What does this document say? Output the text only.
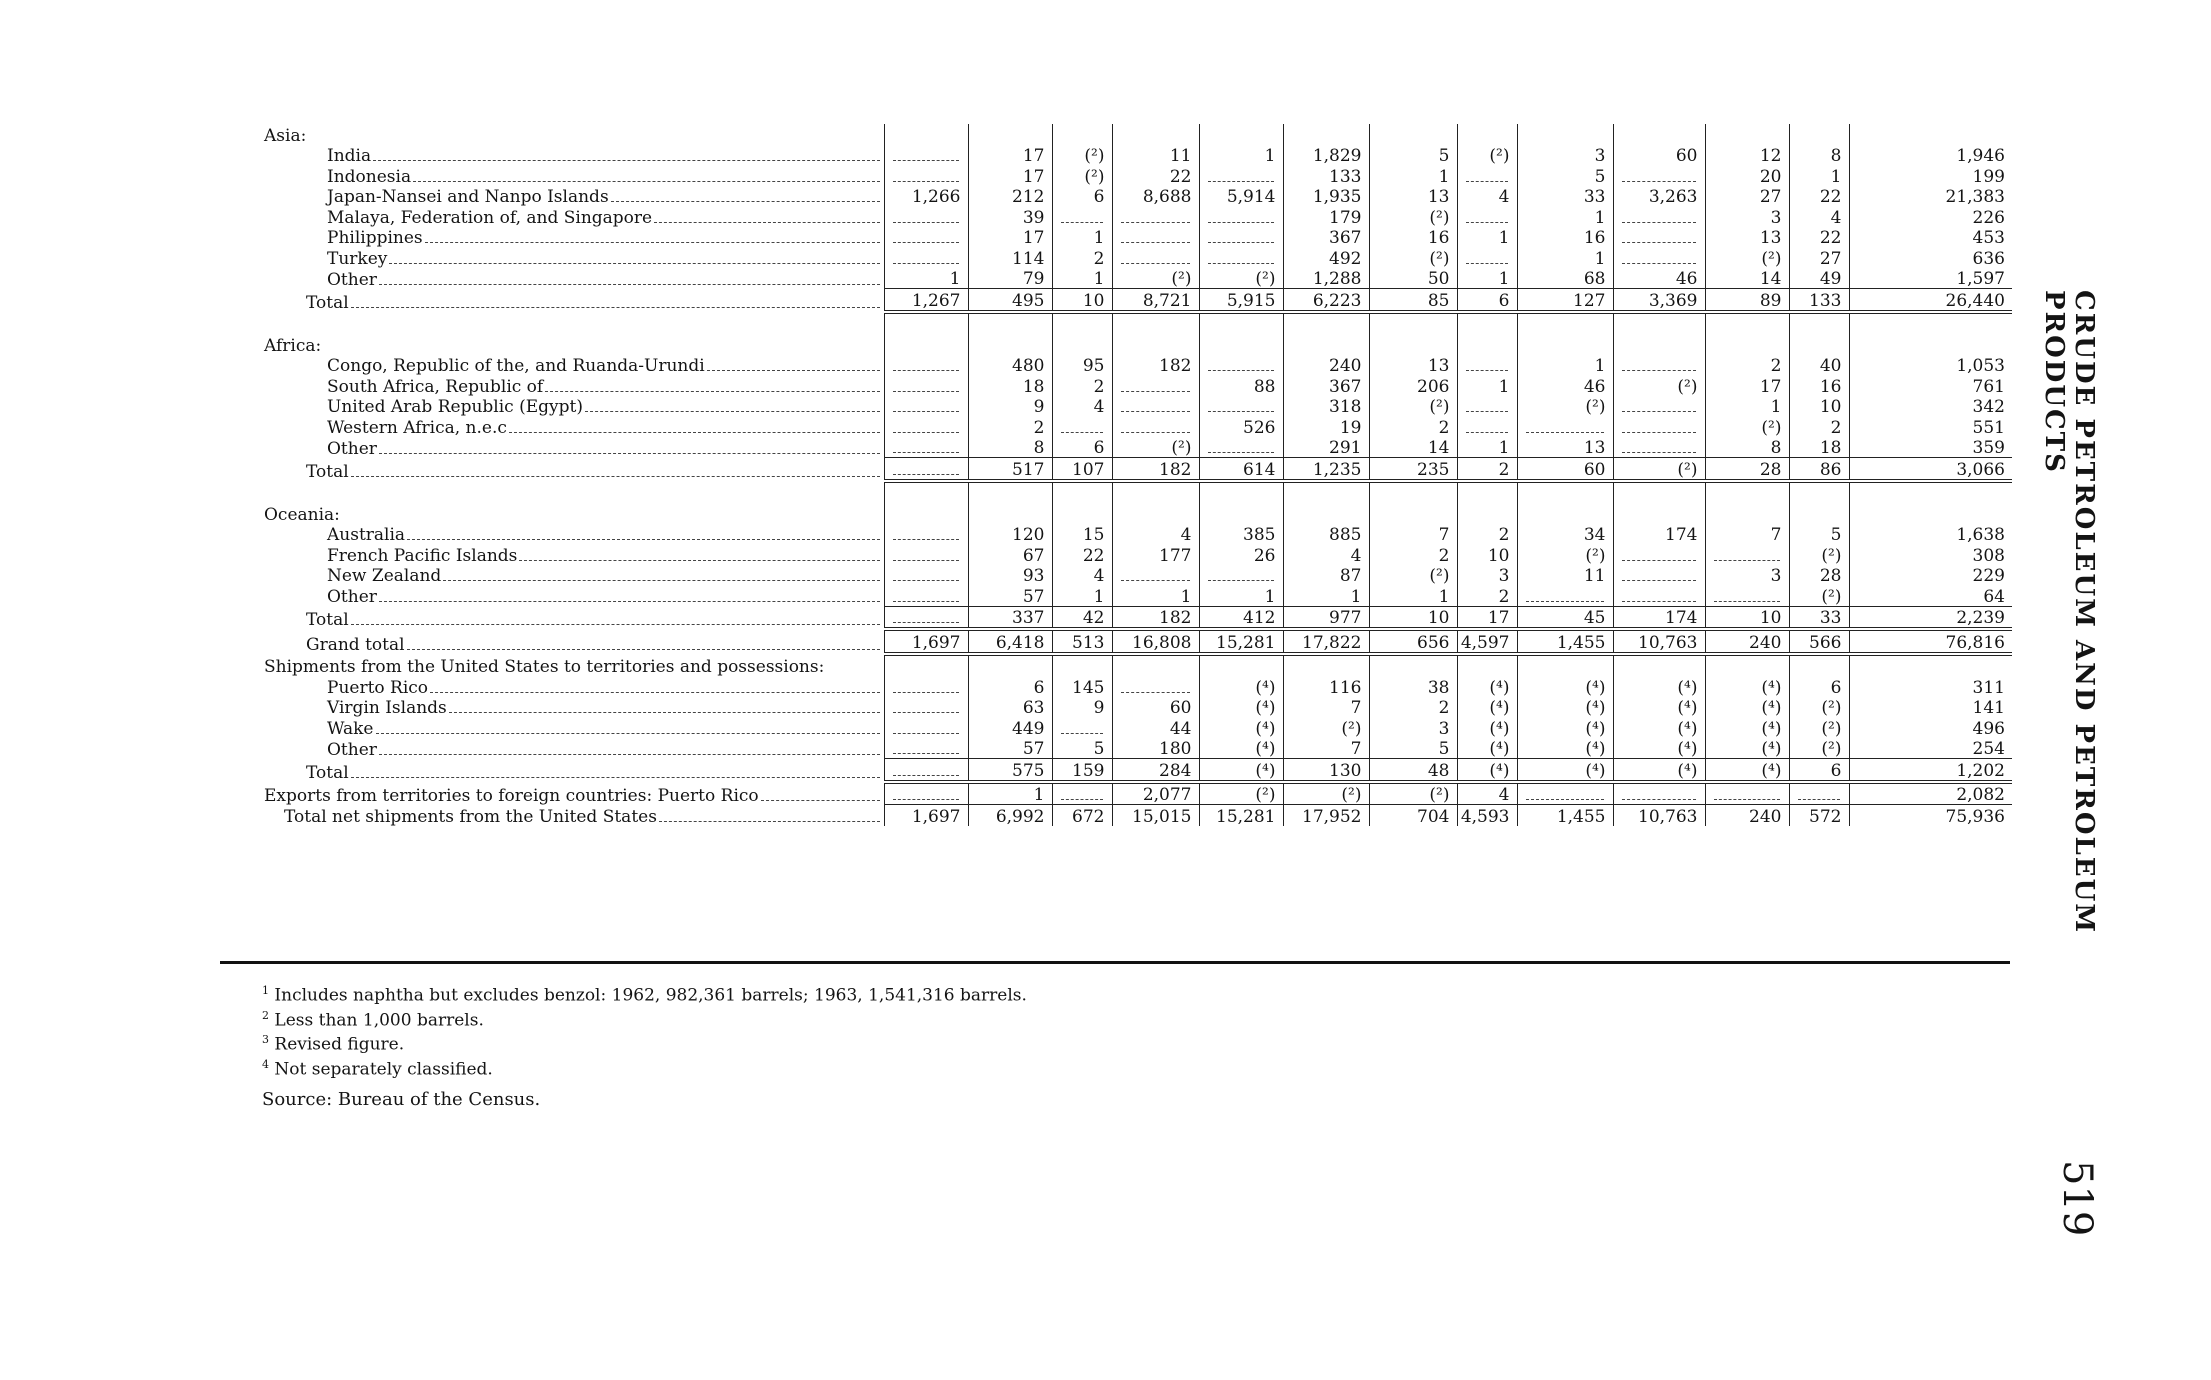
Asia:													

India		17	(²)	11	1	1,829	5	(²)	3	60	12	8	1,946

Indonesia		17	(²)	22		133	1		5		20	1	199

Japan-Nansei and Nanpo Islands	1,266	212	6	8,688	5,914	1,935	13	4	33	3,263	27	22	21,383

Malaya, Federation of, and Singapore		39				179	(²)		1		3	4	226

Philippines		17	1			367	16	1	16		13	22	453

Turkey		114	2			492	(²)		1		(²)	27	636

Other	1	79	1	(²)	(²)	1,288	50	1	68	46	14	49	1,597

Total	1,267	495	10	8,721	5,915	6,223	85	6	127	3,369	89	133	26,440

Africa:													

Congo, Republic of the, and Ruanda-Urundi		480	95	182		240	13		1		2	40	1,053

South Africa, Republic of		18	2		88	367	206	1	46	(²)	17	16	761

United Arab Republic (Egypt)		9	4			318	(²)		(²)		1	10	342

Western Africa, n.e.c		2			526	19	2				(²)	2	551

Other		8	6	(²)		291	14	1	13		8	18	359

Total		517	107	182	614	1,235	235	2	60	(²)	28	86	3,066

Oceania:													

Australia		120	15	4	385	885	7	2	34	174	7	5	1,638

French Pacific Islands		67	22	177	26	4	2	10	(²)			(²)	308

New Zealand		93	4			87	(²)	3	11		3	28	229

Other		57	1	1	1	1	1	2				(²)	64

Total		337	42	182	412	977	10	17	45	174	10	33	2,239

Grand total	1,697	6,418	513	16,808	15,281	17,822	656	4,597	1,455	10,763	240	566	76,816

Shipments from the United States to territories and possessions:													

Puerto Rico		6	145		(⁴)	116	38	(⁴)	(⁴)	(⁴)	(⁴)	6	311

Virgin Islands		63	9	60	(⁴)	7	2	(⁴)	(⁴)	(⁴)	(⁴)	(²)	141

Wake		449		44	(⁴)	(²)	3	(⁴)	(⁴)	(⁴)	(⁴)	(²)	496

Other		57	5	180	(⁴)	7	5	(⁴)	(⁴)	(⁴)	(⁴)	(²)	254

Total		575	159	284	(⁴)	130	48	(⁴)	(⁴)	(⁴)	(⁴)	6	1,202

Exports from territories to foreign countries: Puerto Rico		1		2,077	(²)	(²)	(²)	4					2,082

Total net shipments from the United States	1,697	6,992	672	15,015	15,281	17,952	704	4,593	1,455	10,763	240	572	75,936
$^1$ Includes naphtha but excludes benzol: 1962, 982,361 barrels; 1963, 1,541,316 barrels.
$^2$ Less than 1,000 barrels.
$^3$ Revised figure.
$^4$ Not separately classified.
Source: Bureau of the Census.
CRUDE PETROLEUM AND PETROLEUM PRODUCTS
519
